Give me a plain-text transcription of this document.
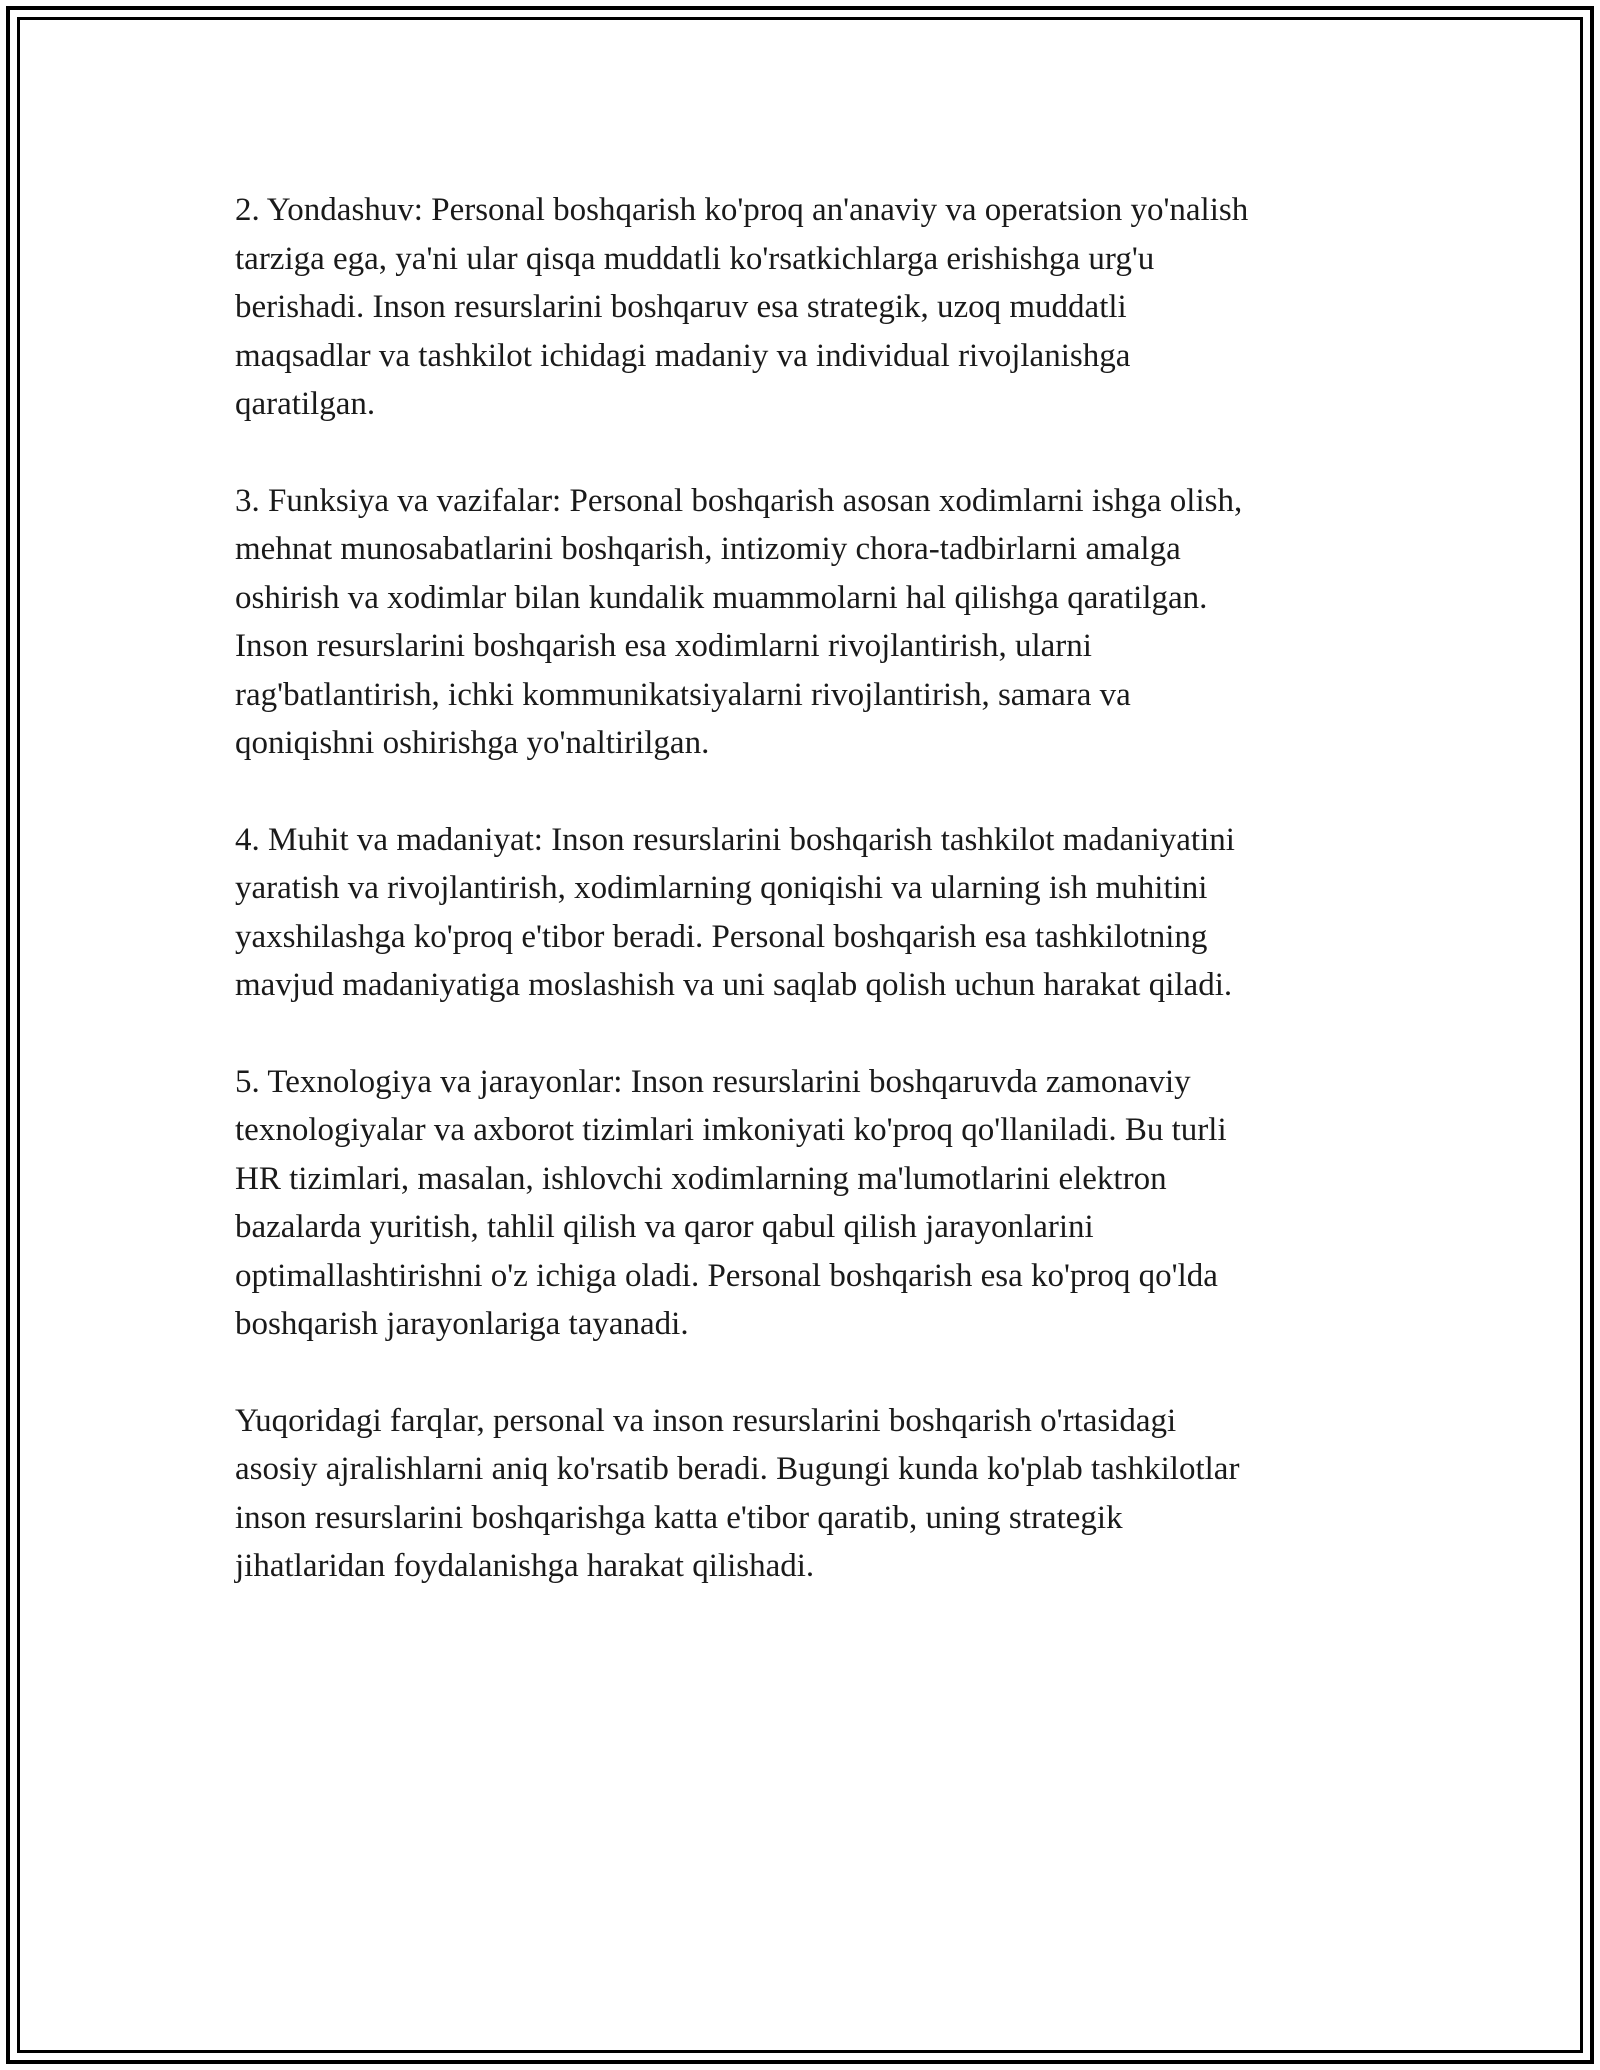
2. Yondashuv: Personal boshqarish ko'proq an'anaviy va operatsion yo'nalish
tarziga ega, ya'ni ular qisqa muddatli ko'rsatkichlarga erishishga urg'u
berishadi. Inson resurslarini boshqaruv esa strategik, uzoq muddatli
maqsadlar va tashkilot ichidagi madaniy va individual rivojlanishga
qaratilgan.

3. Funksiya va vazifalar: Personal boshqarish asosan xodimlarni ishga olish,
mehnat munosabatlarini boshqarish, intizomiy chora-tadbirlarni amalga
oshirish va xodimlar bilan kundalik muammolarni hal qilishga qaratilgan.
Inson resurslarini boshqarish esa xodimlarni rivojlantirish, ularni
rag'batlantirish, ichki kommunikatsiyalarni rivojlantirish, samara va
qoniqishni oshirishga yo'naltirilgan.

4. Muhit va madaniyat: Inson resurslarini boshqarish tashkilot madaniyatini
yaratish va rivojlantirish, xodimlarning qoniqishi va ularning ish muhitini
yaxshilashga ko'proq e'tibor beradi. Personal boshqarish esa tashkilotning
mavjud madaniyatiga moslashish va uni saqlab qolish uchun harakat qiladi.

5. Texnologiya va jarayonlar: Inson resurslarini boshqaruvda zamonaviy
texnologiyalar va axborot tizimlari imkoniyati ko'proq qo'llaniladi. Bu turli
HR tizimlari, masalan, ishlovchi xodimlarning ma'lumotlarini elektron
bazalarda yuritish, tahlil qilish va qaror qabul qilish jarayonlarini
optimallashtirishni o'z ichiga oladi. Personal boshqarish esa ko'proq qo'lda
boshqarish jarayonlariga tayanadi.

Yuqoridagi farqlar, personal va inson resurslarini boshqarish o'rtasidagi
asosiy ajralishlarni aniq ko'rsatib beradi. Bugungi kunda ko'plab tashkilotlar
inson resurslarini boshqarishga katta e'tibor qaratib, uning strategik
jihatlaridan foydalanishga harakat qilishadi.
